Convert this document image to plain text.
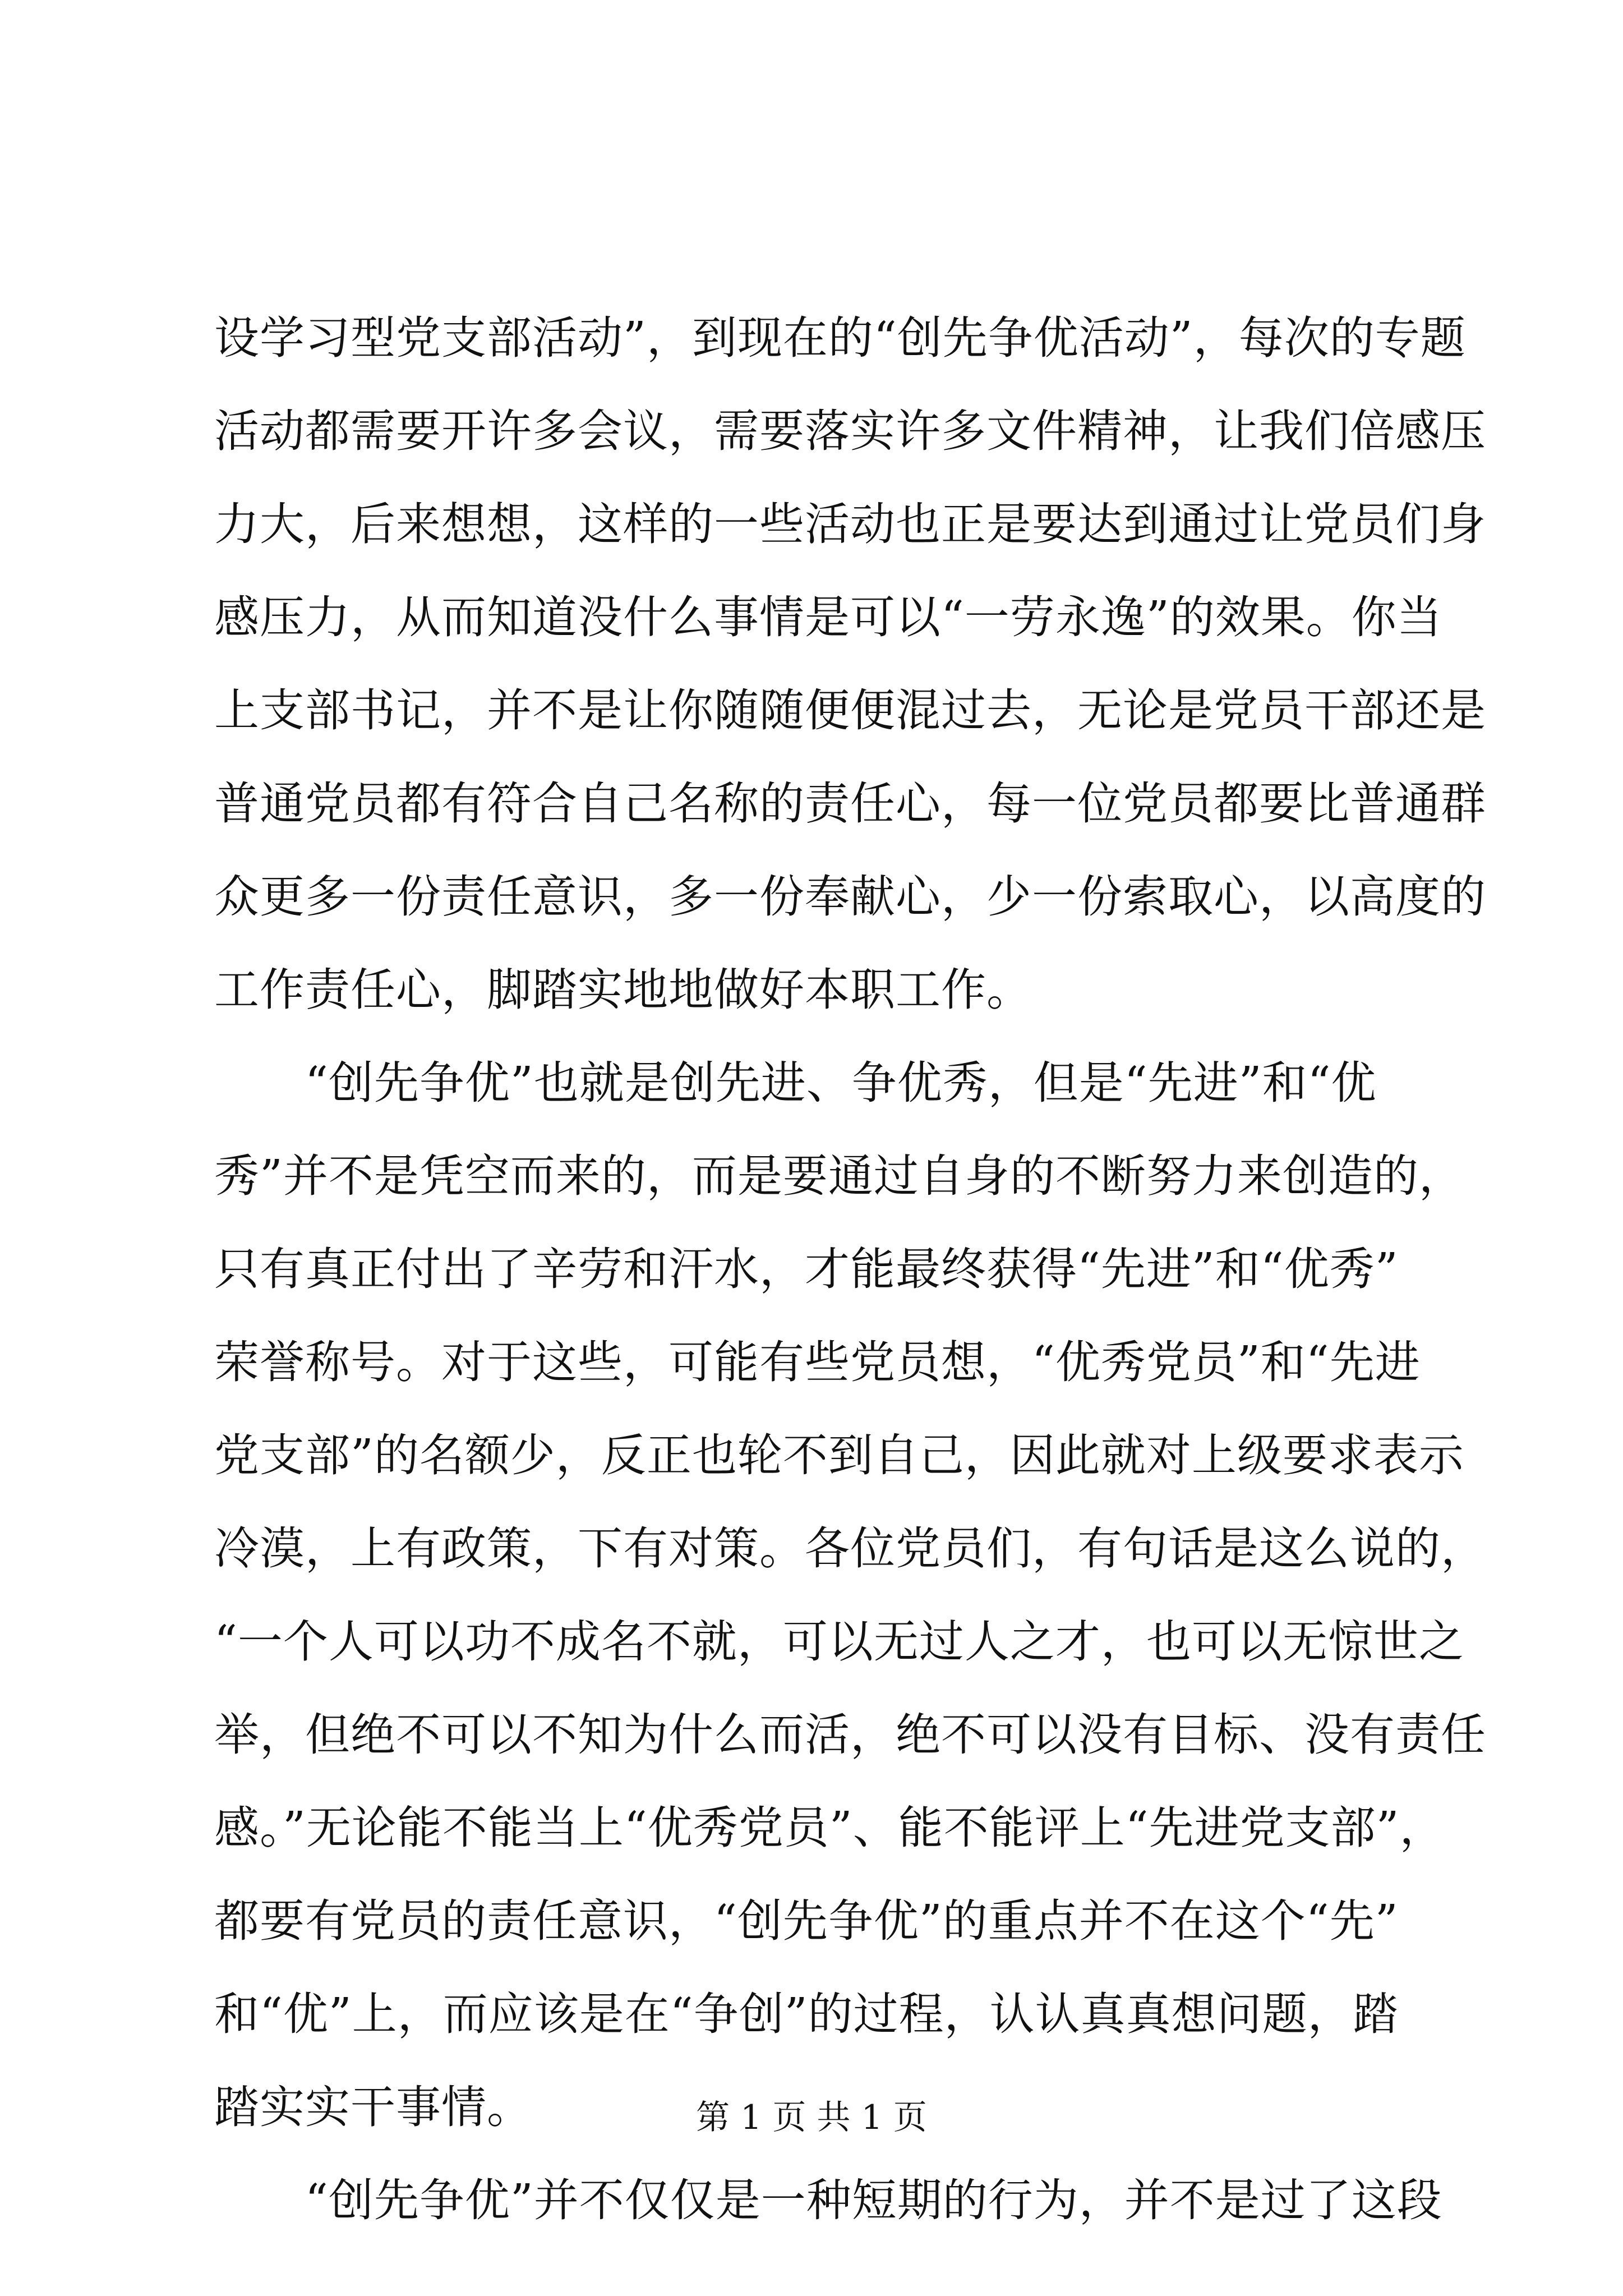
设学习型党支部活动”，到现在的“创先争优活动”，每次的专题
活动都需要开许多会议，需要落实许多文件精神，让我们倍感压
力大，后来想想，这样的一些活动也正是要达到通过让党员们身
感压力，从而知道没什么事情是可以“一劳永逸”的效果。你当
上支部书记，并不是让你随随便便混过去，无论是党员干部还是
普通党员都有符合自己名称的责任心，每一位党员都要比普通群
众更多一份责任意识，多一份奉献心，少一份索取心，以高度的
工作责任心，脚踏实地地做好本职工作。
　　“创先争优”也就是创先进、争优秀，但是“先进”和“优
秀”并不是凭空而来的，而是要通过自身的不断努力来创造的，
只有真正付出了辛劳和汗水，才能最终获得“先进”和“优秀”
荣誉称号。对于这些，可能有些党员想，“优秀党员”和“先进
党支部”的名额少，反正也轮不到自己，因此就对上级要求表示
冷漠，上有政策，下有对策。各位党员们，有句话是这么说的，
“一个人可以功不成名不就，可以无过人之才，也可以无惊世之
举，但绝不可以不知为什么而活，绝不可以没有目标、没有责任
感。”无论能不能当上“优秀党员”、能不能评上“先进党支部”，
都要有党员的责任意识，“创先争优”的重点并不在这个“先”
和“优”上，而应该是在“争创”的过程，认认真真想问题，踏
踏实实干事情。
　　“创先争优”并不仅仅是一种短期的行为，并不是过了这段
第 1 页 共 1 页
